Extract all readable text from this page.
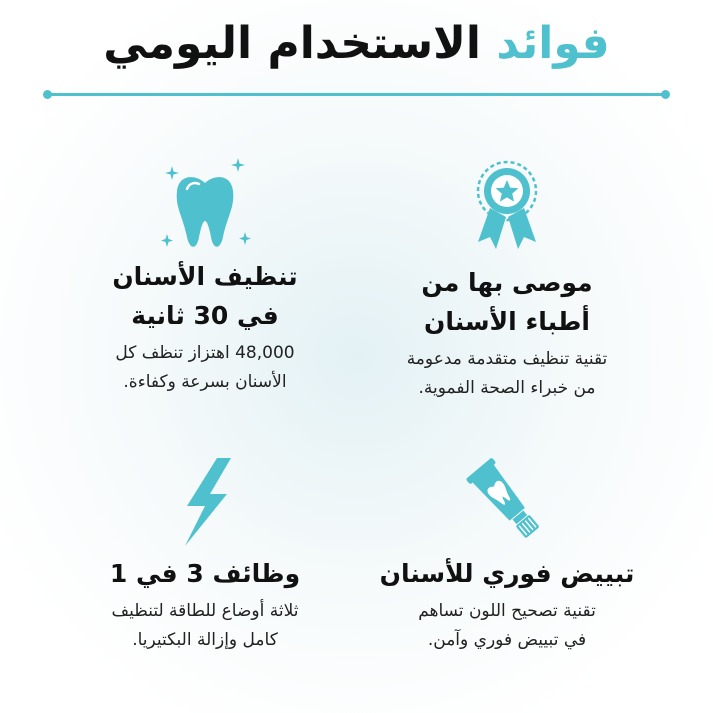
فوائد الاستخدام اليومي
موصى بها من
أطباء الأسنان

تقنية تنظيف متقدمة مدعومة
من خبراء الصحة الفموية.

تنظيف الأسنان
في 30 ثانية

48,000 اهتزاز تنظف كل
الأسنان بسرعة وكفاءة.

تبييض فوري للأسنان

تقنية تصحيح اللون تساهم
في تبييض فوري وآمن.

وظائف 3 في 1

ثلاثة أوضاع للطاقة لتنظيف
كامل وإزالة البكتيريا.
